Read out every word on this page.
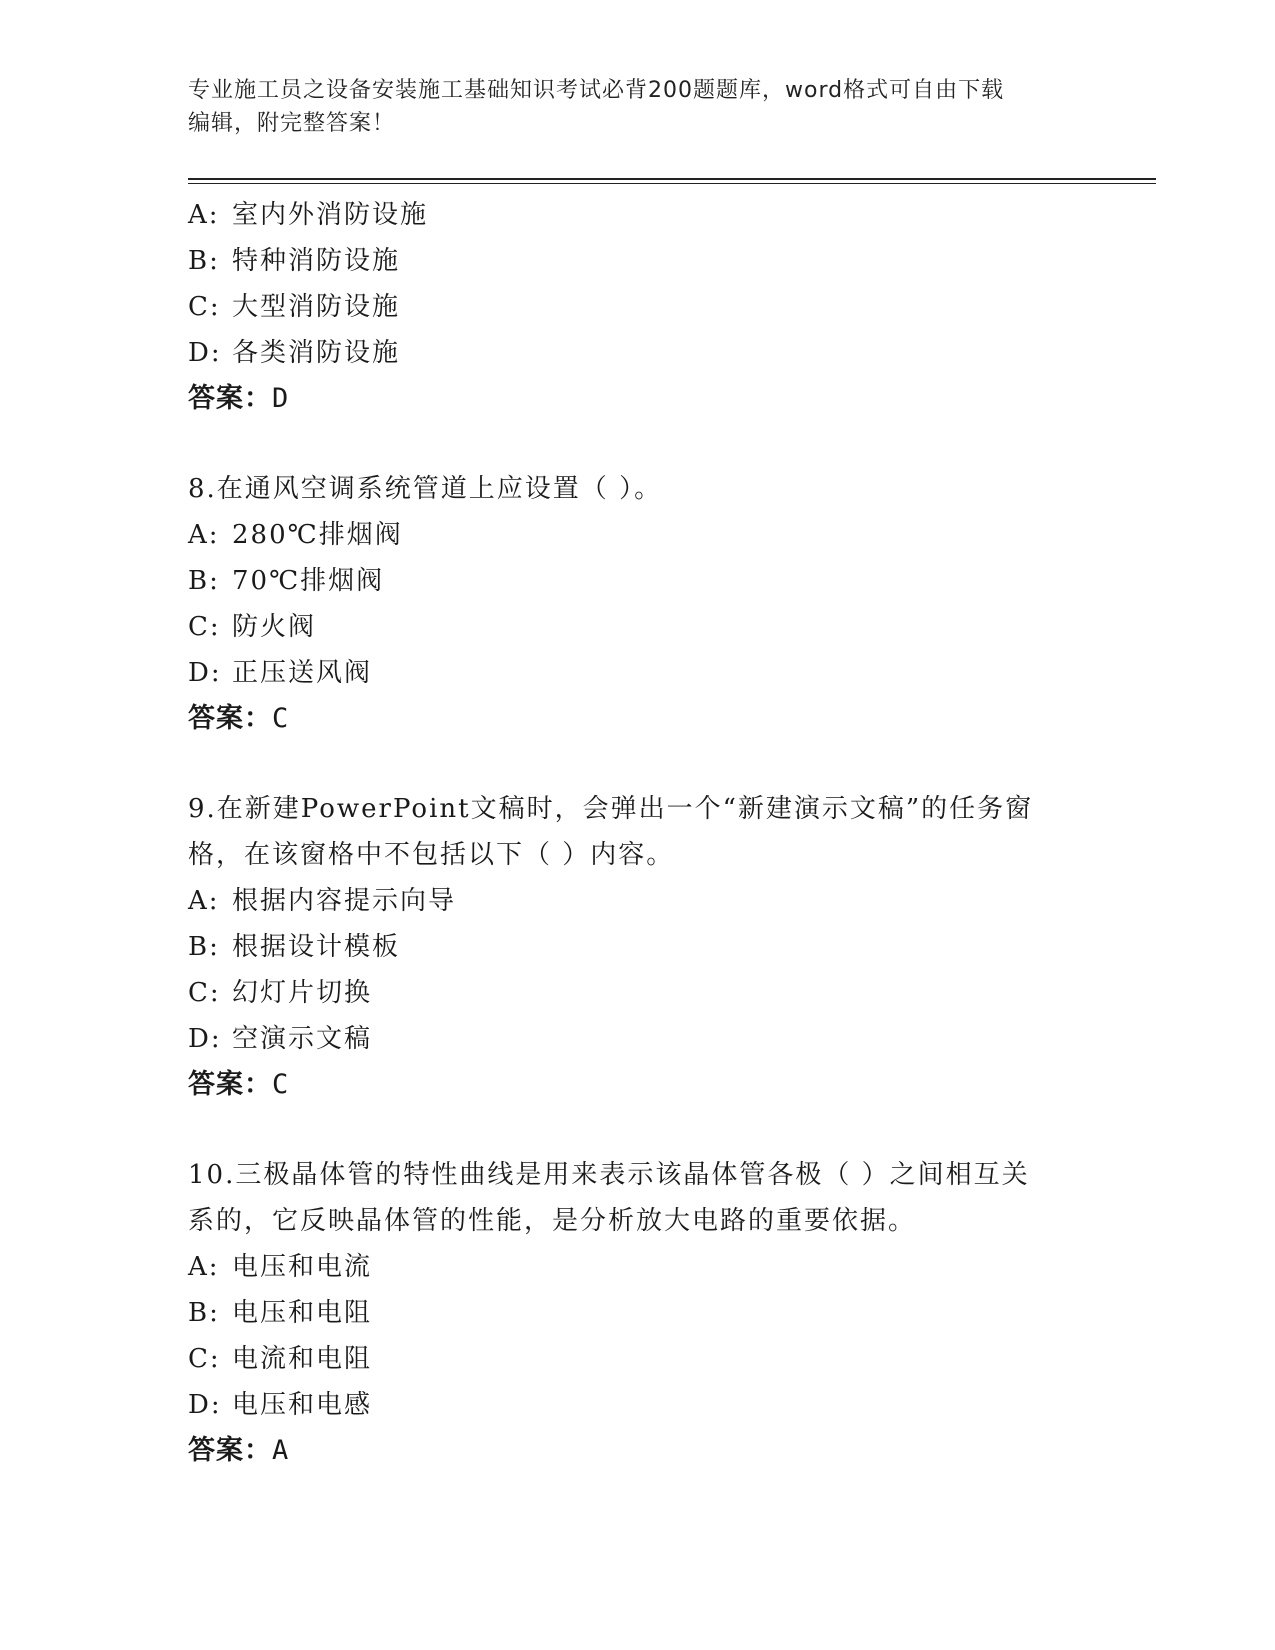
专业施工员之设备安装施工基础知识考试必背200题题库，word格式可自由下载
编辑，附完整答案！
A: 室内外消防设施
B: 特种消防设施
C: 大型消防设施
D: 各类消防设施
答案：D
8.在通风空调系统管道上应设置（ ）。
A: 280℃排烟阀
B: 70℃排烟阀
C: 防火阀
D: 正压送风阀
答案：C
9.在新建PowerPoint文稿时，会弹出一个“新建演示文稿”的任务窗
格，在该窗格中不包括以下（ ）内容。
A: 根据内容提示向导
B: 根据设计模板
C: 幻灯片切换
D: 空演示文稿
答案：C
10.三极晶体管的特性曲线是用来表示该晶体管各极（ ）之间相互关
系的，它反映晶体管的性能，是分析放大电路的重要依据。
A: 电压和电流
B: 电压和电阻
C: 电流和电阻
D: 电压和电感
答案：A
